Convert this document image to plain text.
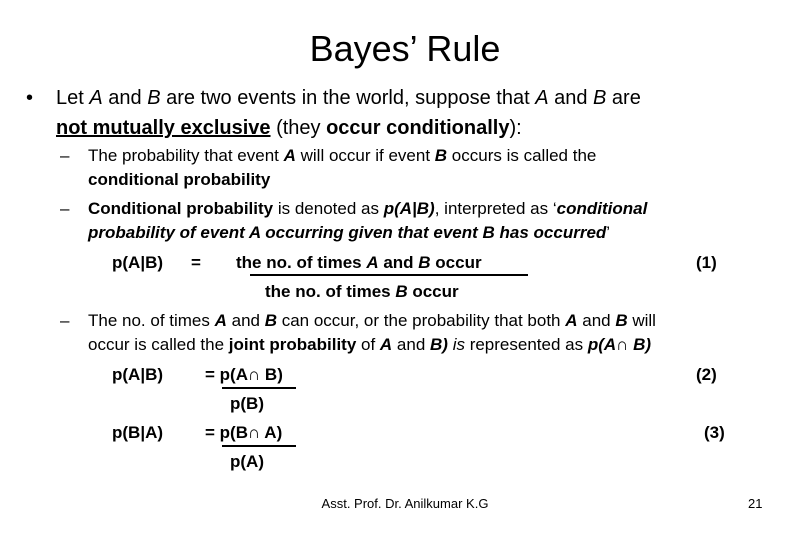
Bayes’ Rule
• Let A and B are two events in the world, suppose that A and B are
not mutually exclusive (they occur conditionally):
– The probability that event A will occur if event B occurs is called the
conditional probability
– Conditional probability is denoted as p(A|B), interpreted as ‘conditional
probability of event A occurring given that event B has occurred’
p(A|B) = the no. of times A and B occur
the no. of times B occur
(1)
– The no. of times A and B can occur, or the probability that both A and B will
occur is called the joint probability of A and B) is represented as p(A∩ B)
p(A|B) = p(A∩ B)
p(B)
(2)
p(B|A) = p(B∩ A)
p(A)
(3)
Asst. Prof. Dr. Anilkumar K.G	21
